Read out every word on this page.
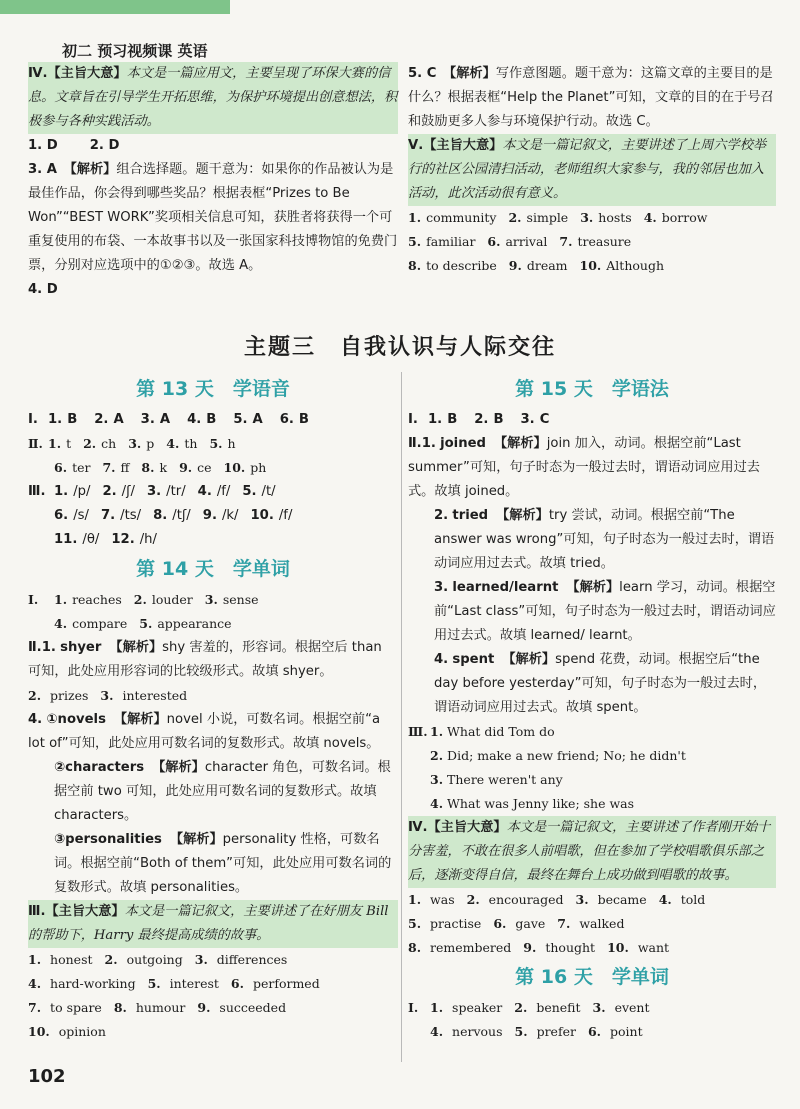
初二 预习视频课 英语
Ⅳ.【主旨大意】本文是一篇应用文，主要呈现了环保大赛的信息。文章旨在引导学生开拓思维，为保护环境提出创意想法，积极参与各种实践活动。
1. D 2. D
3. A　 【解析】组合选择题。题干意为：如果你的作品被认为是最佳作品，你会得到哪些奖品？根据表框“Prizes to Be Won”“BEST WORK”奖项相关信息可知，获胜者将获得一个可重复使用的布袋、一本故事书以及一张国家科技博物馆的免费门票，分别对应选项中的①②③。故选 A。
4. D
5. C　 【解析】写作意图题。题干意为：这篇文章的主要目的是什么？根据表框“Help the Planet”可知，文章的目的在于号召和鼓励更多人参与环境保护行动。故选 C。
Ⅴ.【主旨大意】本文是一篇记叙文，主要讲述了上周六学校举行的社区公园清扫活动，老师组织大家参与，我的邻居也加入活动，此次活动很有意义。
1. community 2. simple 3. hosts 4. borrow
5. familiar 6. arrival 7. treasure
8. to describe 9. dream 10. Although
主题三　自我认识与人际交往
第 13 天　学语音
Ⅰ. 1. B	2. A	3. A	4. B	5. A	6. B
Ⅱ. 1. t 2. ch 3. p 4. th 5. h
6. ter 7. ff 8. k 9. ce 10. ph
Ⅲ. 1. /p/ 2. /ʃ/ 3. /tr/ 4. /f/ 5. /t/
6. /s/ 7. /ts/ 8. /tʃ/ 9. /k/ 10. /f/
11. /θ/ 12. /h/
第 14 天　学单词
Ⅰ.	1. reaches 2. louder 3. sense
4. compare 5. appearance
Ⅱ.1. shyer 【解析】shy 害羞的，形容词。根据空后 than 可知，此处应用形容词的比较级形式。故填 shyer。
2. prizes 3. interested
4. ①novels 【解析】novel 小说，可数名词。根据空前“a lot of”可知，此处应用可数名词的复数形式。故填 novels。
②characters 【解析】character 角色，可数名词。根据空前 two 可知，此处应用可数名词的复数形式。故填 characters。
③personalities 【解析】personality 性格，可数名词。根据空前“Both of them”可知，此处应用可数名词的复数形式。故填 personalities。
Ⅲ.【主旨大意】本文是一篇记叙文，主要讲述了在好朋友 Bill 的帮助下，Harry 最终提高成绩的故事。
1. honest 2. outgoing 3. differences
4. hard-working 5. interest 6. performed
7. to spare 8. humour 9. succeeded
10. opinion
第 15 天　学语法
Ⅰ. 1. B	2. B	3. C
Ⅱ.1. joined 【解析】join 加入，动词。根据空前“Last summer”可知，句子时态为一般过去时，谓语动词应用过去式。故填 joined。
2. tried 【解析】try 尝试，动词。根据空前“The answer was wrong”可知，句子时态为一般过去时，谓语动词应用过去式。故填 tried。
3. learned/learnt 【解析】learn 学习，动词。根据空前“Last class”可知，句子时态为一般过去时，谓语动词应用过去式。故填 learned/ learnt。
4. spent 【解析】spend 花费，动词。根据空后“the day before yesterday”可知，句子时态为一般过去时，谓语动词应用过去式。故填 spent。
Ⅲ. 1.
What did Tom do
2.
Did; make a new friend; No; he didn't
3.
There weren't any
4.
What was Jenny like; she was
Ⅳ.【主旨大意】本文是一篇记叙文，主要讲述了作者刚开始十分害羞，不敢在很多人前唱歌，但在参加了学校唱歌俱乐部之后，逐渐变得自信，最终在舞台上成功做到唱歌的故事。
1. was 2. encouraged 3. became 4. told
5. practise 6. gave 7. walked
8. remembered 9. thought 10. want
第 16 天　学单词
Ⅰ. 1. speaker 2. benefit 3. event
4. nervous 5. prefer 6. point
102
